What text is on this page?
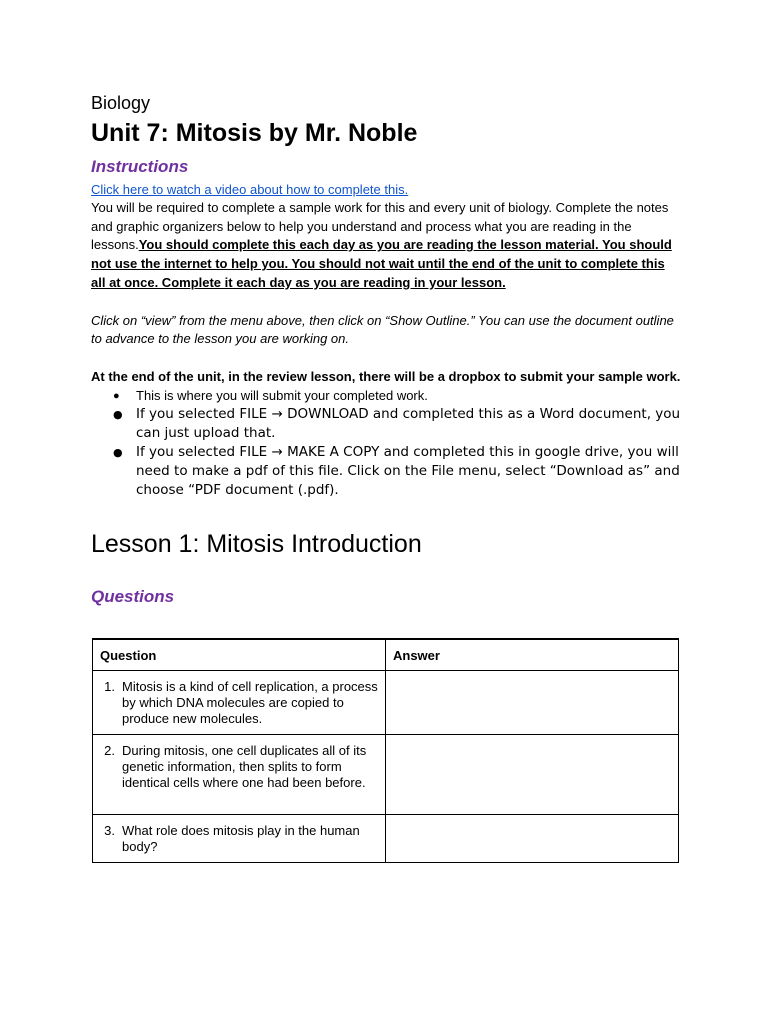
Biology

Unit 7: Mitosis by Mr. Noble
Instructions
Click here to watch a video about how to complete this.

You will be required to complete a sample work for this and every unit of biology. Complete the notes and graphic organizers below to help you understand and process what you are reading in the lessons.You should complete this each day as you are reading the lesson material. You should not use the internet to help you. You should not wait until the end of the unit to complete this all at once. Complete it each day as you are reading in your lesson.

Click on “view” from the menu above, then click on “Show Outline.” You can use the document outline to advance to the lesson you are working on.

At the end of the unit, in the review lesson, there will be a dropbox to submit your sample work.

● This is where you will submit your completed work.
● If you selected FILE → DOWNLOAD and completed this as a Word document, you can just upload that.
● If you selected FILE → MAKE A COPY and completed this in google drive, you will need to make a pdf of this file. Click on the File menu, select “Download as” and choose “PDF document (.pdf).
Lesson 1: Mitosis Introduction
Questions
Question	Answer

1. Mitosis is a kind of cell replication, a process by which DNA molecules are copied to produce new molecules.	

2. During mitosis, one cell duplicates all of its genetic information, then splits to form identical cells where one had been before.	

3. What role does mitosis play in the human body?	
